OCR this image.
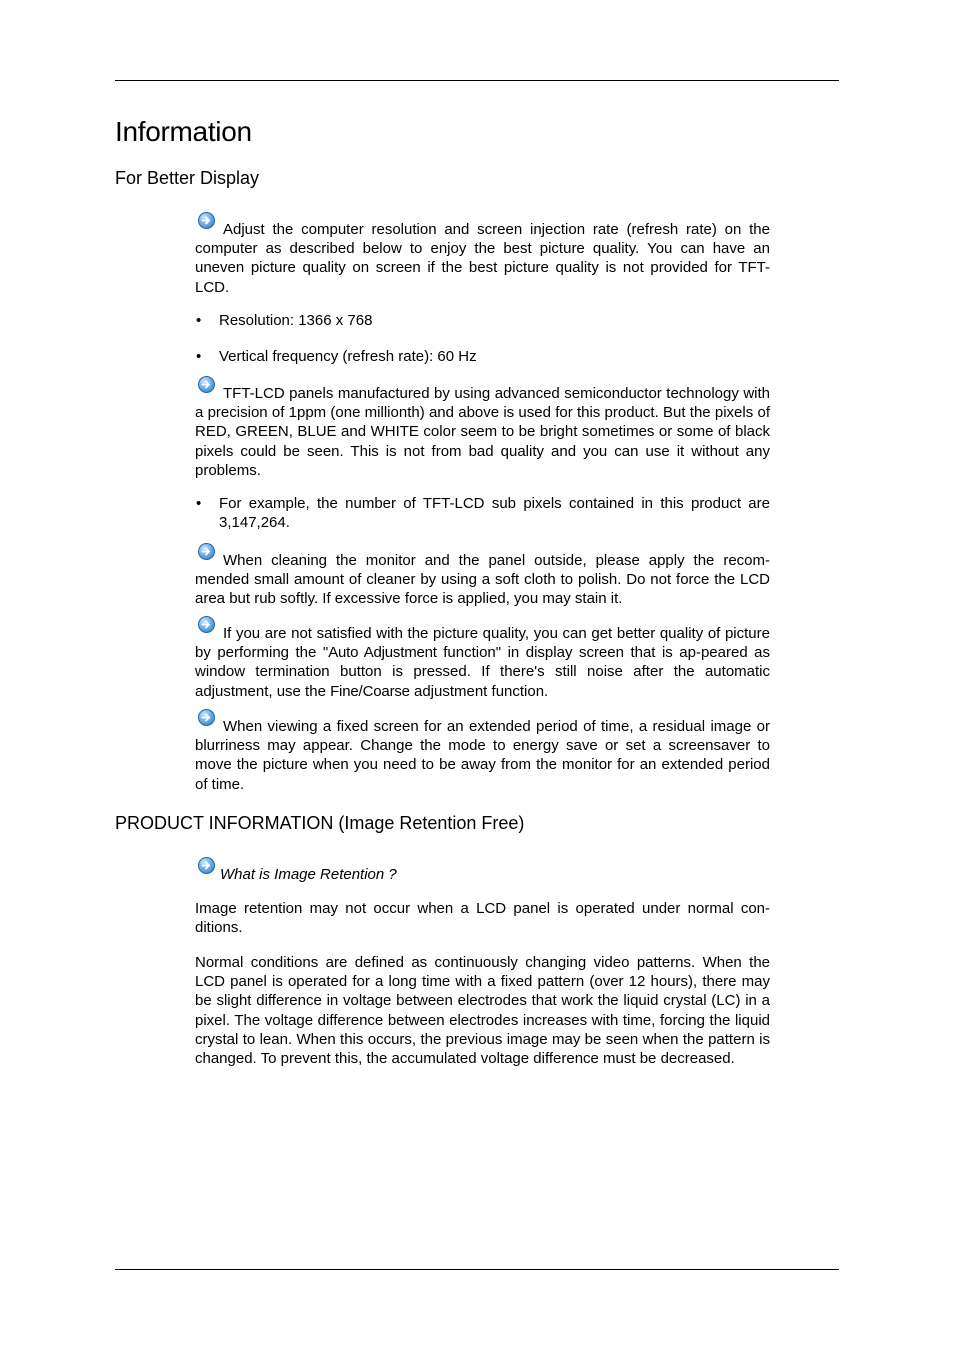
Information
For Better Display

Adjust the computer resolution and screen injection rate (refresh rate) on the computer as described below to enjoy the best picture quality. You can have an uneven picture quality on screen if the best picture quality is not provided for TFT-LCD.

• Resolution: 1366 x 768

• Vertical frequency (refresh rate): 60 Hz

TFT-LCD panels manufactured by using advanced semiconductor technology with a precision of 1ppm (one millionth) and above is used for this product. But the pixels of RED, GREEN, BLUE and WHITE color seem to be bright sometimes or some of black pixels could be seen. This is not from bad quality and you can use it without any problems.

• For example, the number of TFT-LCD sub pixels contained in this product are 3,147,264.

When cleaning the monitor and the panel outside, please apply the recom-mended small amount of cleaner by using a soft cloth to polish. Do not force the LCD area but rub softly. If excessive force is applied, you may stain it.

If you are not satisfied with the picture quality, you can get better quality of picture by performing the "Auto Adjustment function" in display screen that is ap-peared as window termination button is pressed. If there's still noise after the automatic adjustment, use the Fine/Coarse adjustment function.

When viewing a fixed screen for an extended period of time, a residual image or blurriness may appear. Change the mode to energy save or set a screensaver to move the picture when you need to be away from the monitor for an extended period of time.

PRODUCT INFORMATION (Image Retention Free)

What is Image Retention ?

Image retention may not occur when a LCD panel is operated under normal con-ditions.

Normal conditions are defined as continuously changing video patterns. When the LCD panel is operated for a long time with a fixed pattern (over 12 hours), there may be slight difference in voltage between electrodes that work the liquid crystal (LC) in a pixel. The voltage difference between electrodes increases with time, forcing the liquid crystal to lean. When this occurs, the previous image may be seen when the pattern is changed. To prevent this, the accumulated voltage difference must be decreased.
